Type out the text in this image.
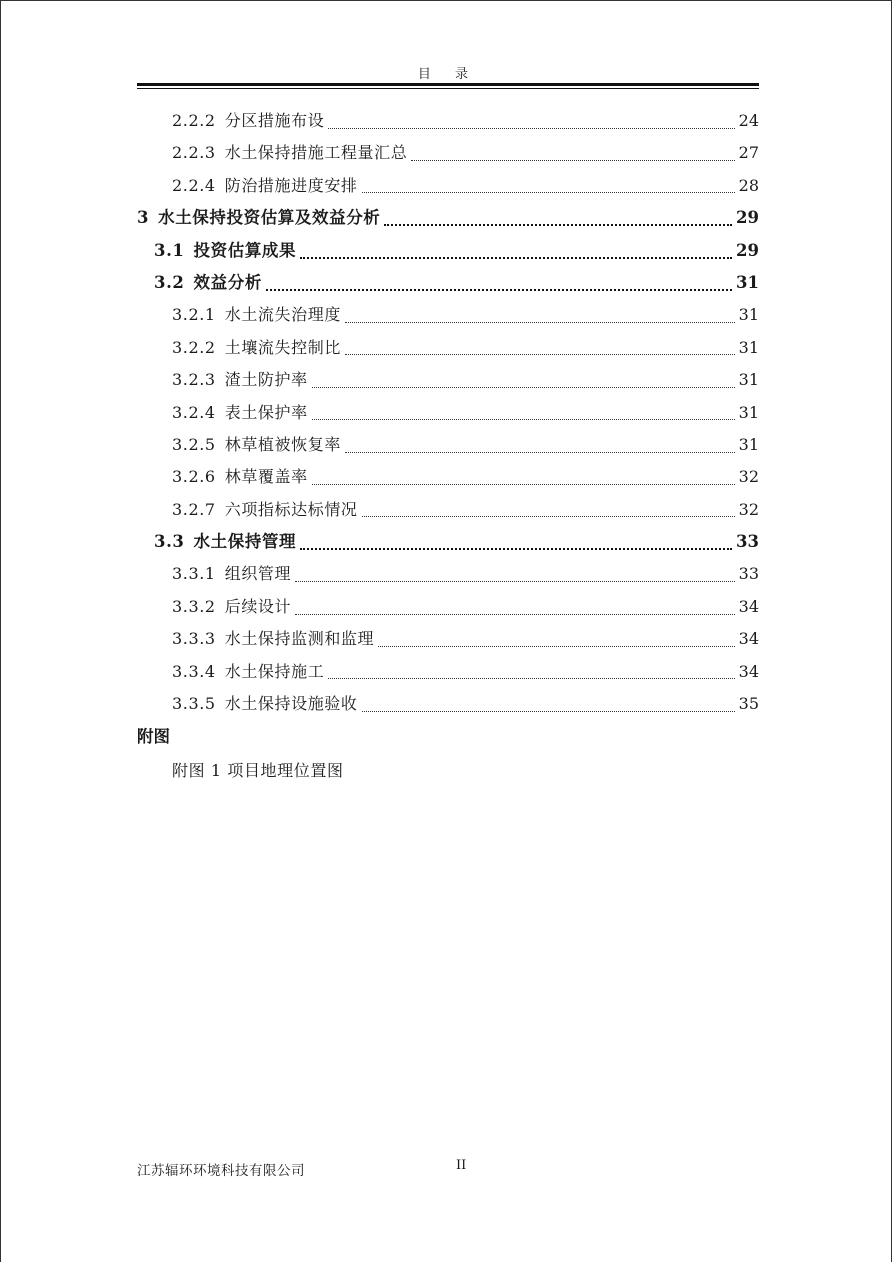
目 录
2.2.2 分区措施布设	24
2.2.3 水土保持措施工程量汇总	27
2.2.4 防治措施进度安排	28
3 水土保持投资估算及效益分析	29
3.1 投资估算成果	29
3.2 效益分析	31
3.2.1 水土流失治理度	31
3.2.2 土壤流失控制比	31
3.2.3 渣土防护率	31
3.2.4 表土保护率	31
3.2.5 林草植被恢复率	31
3.2.6 林草覆盖率	32
3.2.7 六项指标达标情况	32
3.3 水土保持管理	33
3.3.1 组织管理	33
3.3.2 后续设计	34
3.3.3 水土保持监测和监理	34
3.3.4 水土保持施工	34
3.3.5 水土保持设施验收	35
附图
附图 1 项目地理位置图
江苏辐环环境科技有限公司	II
